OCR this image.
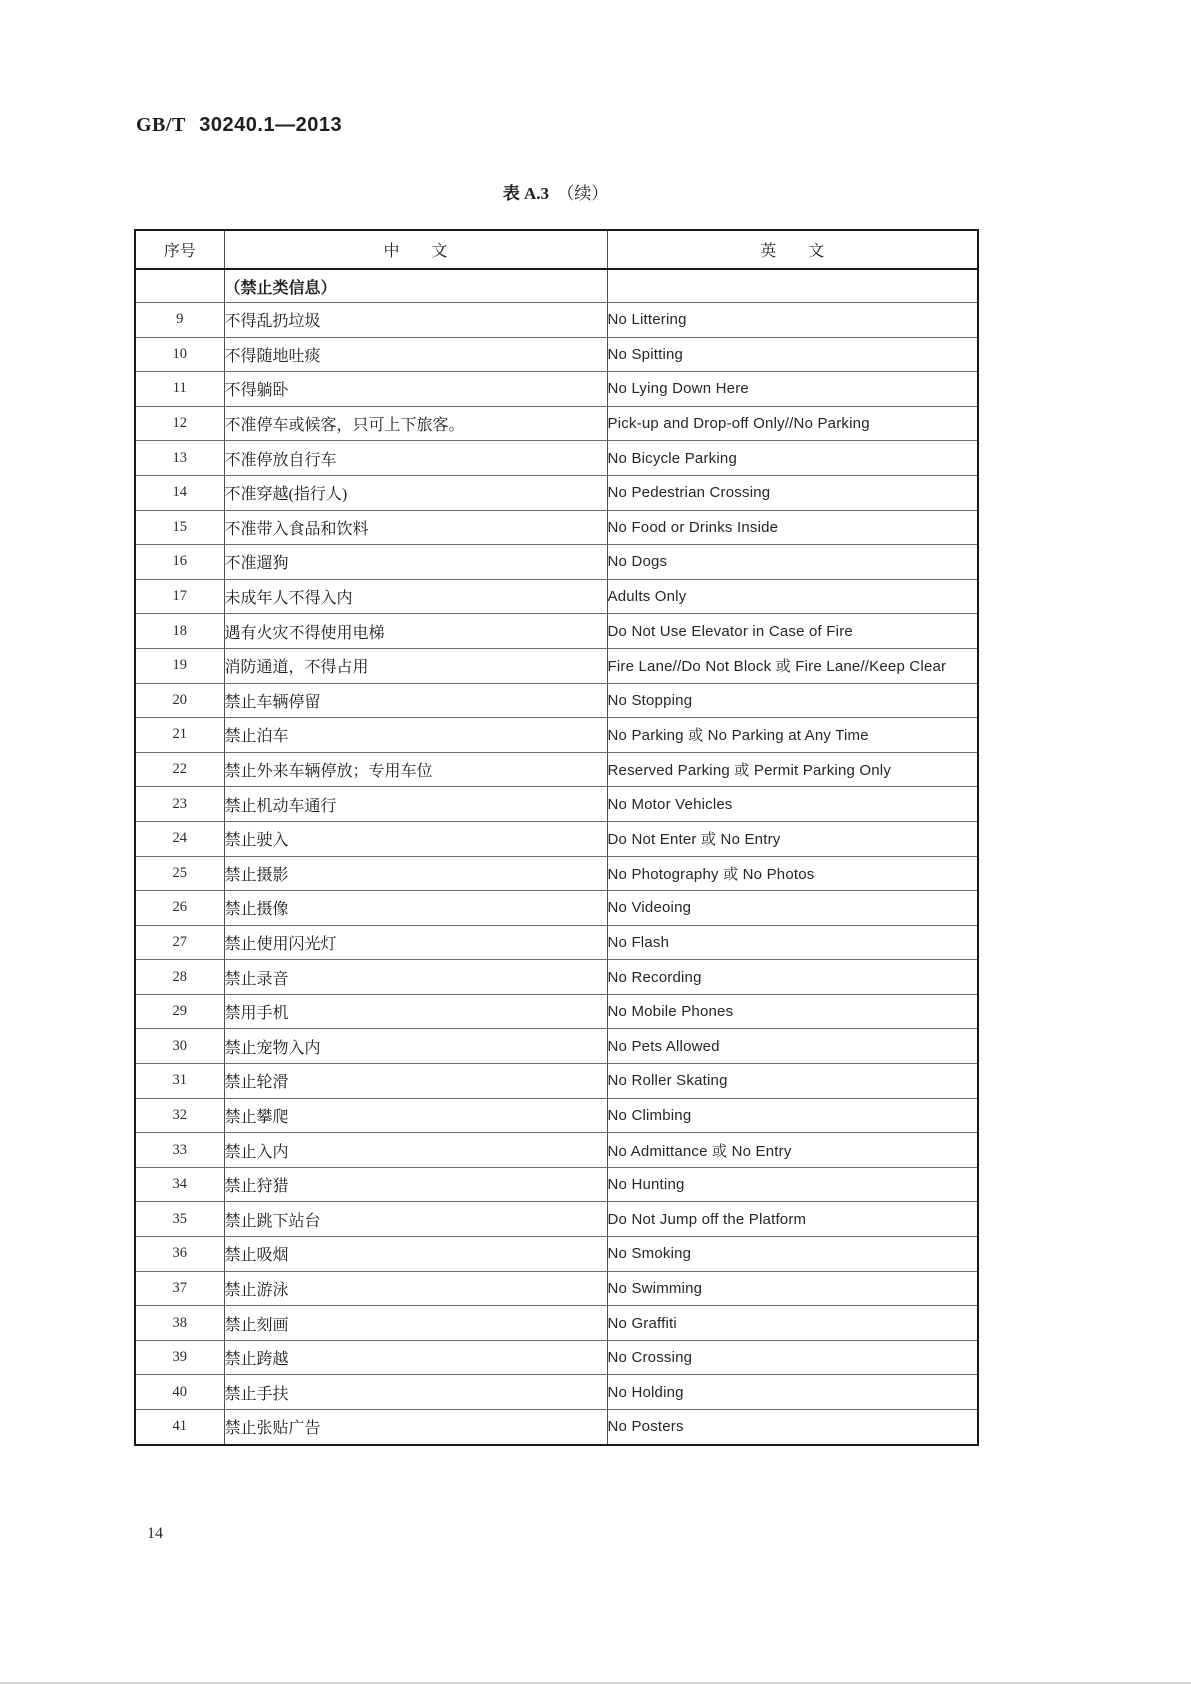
GB/T 30240.1—2013
表 A.3 （续）
序号	中　　文	英　　文
	（禁止类信息）	
9	不得乱扔垃圾	No Littering
10	不得随地吐痰	No Spitting
11	不得躺卧	No Lying Down Here
12	不准停车或候客，只可上下旅客。	Pick-up and Drop-off Only//No Parking
13	不准停放自行车	No Bicycle Parking
14	不准穿越(指行人)	No Pedestrian Crossing
15	不准带入食品和饮料	No Food or Drinks Inside
16	不准遛狗	No Dogs
17	未成年人不得入内	Adults Only
18	遇有火灾不得使用电梯	Do Not Use Elevator in Case of Fire
19	消防通道，不得占用	Fire Lane//Do Not Block 或 Fire Lane//Keep Clear
20	禁止车辆停留	No Stopping
21	禁止泊车	No Parking 或 No Parking at Any Time
22	禁止外来车辆停放；专用车位	Reserved Parking 或 Permit Parking Only
23	禁止机动车通行	No Motor Vehicles
24	禁止驶入	Do Not Enter 或 No Entry
25	禁止摄影	No Photography 或 No Photos
26	禁止摄像	No Videoing
27	禁止使用闪光灯	No Flash
28	禁止录音	No Recording
29	禁用手机	No Mobile Phones
30	禁止宠物入内	No Pets Allowed
31	禁止轮滑	No Roller Skating
32	禁止攀爬	No Climbing
33	禁止入内	No Admittance 或 No Entry
34	禁止狩猎	No Hunting
35	禁止跳下站台	Do Not Jump off the Platform
36	禁止吸烟	No Smoking
37	禁止游泳	No Swimming
38	禁止刻画	No Graffiti
39	禁止跨越	No Crossing
40	禁止手扶	No Holding
41	禁止张贴广告	No Posters
14
